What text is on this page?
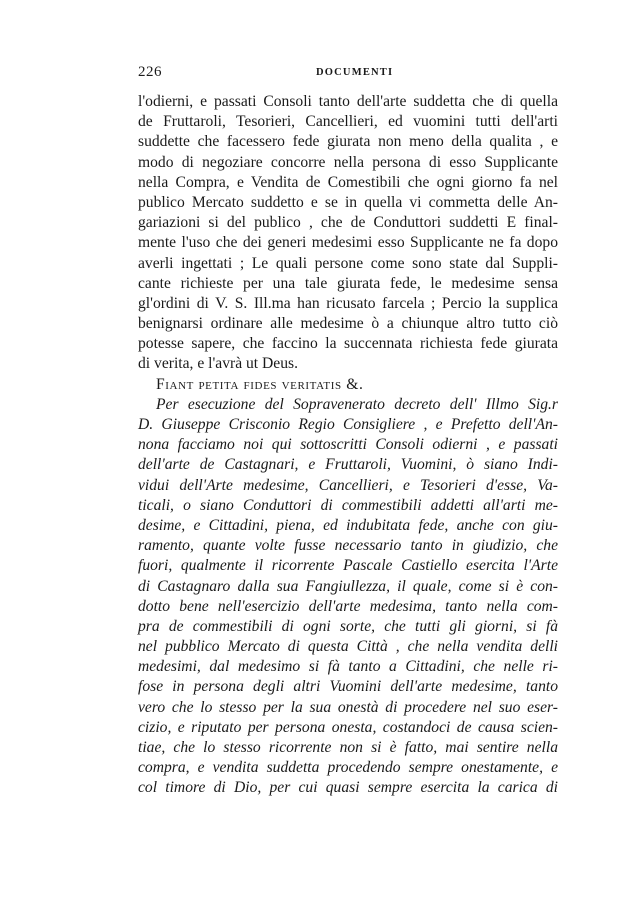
226	DOCUMENTI
l'odierni, e passati Consoli tanto dell'arte suddetta che di quella
de Fruttaroli, Tesorieri, Cancellieri, ed vuomini tutti dell'arti
suddette che facessero fede giurata non meno della qualita , e
modo di negoziare concorre nella persona di esso Supplicante
nella Compra, e Vendita de Comestibili che ogni giorno fa nel
publico Mercato suddetto e se in quella vi commetta delle An-
gariazioni si del publico , che de Conduttori suddetti E final-
mente l'uso che dei generi medesimi esso Supplicante ne fa dopo
averli ingettati ; Le quali persone come sono state dal Suppli-
cante richieste per una tale giurata fede, le medesime sensa
gl'ordini di V. S. Ill.ma han ricusato farcela ; Percio la supplica
benignarsi ordinare alle medesime ò a chiunque altro tutto ciò
potesse sapere, che faccino la succennata richiesta fede giurata
di verita, e l'avrà ut Deus.
Fiant petita fides veritatis &.
Per esecuzione del Sopravenerato decreto dell' Illmo Sig.r
D. Giuseppe Crisconio Regio Consigliere , e Prefetto dell'An-
nona facciamo noi qui sottoscritti Consoli odierni , e passati
dell'arte de Castagnari, e Fruttaroli, Vuomini, ò siano Indi-
vidui dell'Arte medesime, Cancellieri, e Tesorieri d'esse, Va-
ticali, o siano Conduttori di commestibili addetti all'arti me-
desime, e Cittadini, piena, ed indubitata fede, anche con giu-
ramento, quante volte fusse necessario tanto in giudizio, che
fuori, qualmente il ricorrente Pascale Castiello esercita l'Arte
di Castagnaro dalla sua Fangiullezza, il quale, come si è con-
dotto bene nell'esercizio dell'arte medesima, tanto nella com-
pra de commestibili di ogni sorte, che tutti gli giorni, si fà
nel pubblico Mercato di questa Città , che nella vendita delli
medesimi, dal medesimo si fà tanto a Cittadini, che nelle ri-
fose in persona degli altri Vuomini dell'arte medesime, tanto
vero che lo stesso per la sua onestà di procedere nel suo eser-
cizio, e riputato per persona onesta, costandoci de causa scien-
tiae, che lo stesso ricorrente non si è fatto, mai sentire nella
compra, e vendita suddetta procedendo sempre onestamente, e
col timore di Dio, per cui quasi sempre esercita la carica di
